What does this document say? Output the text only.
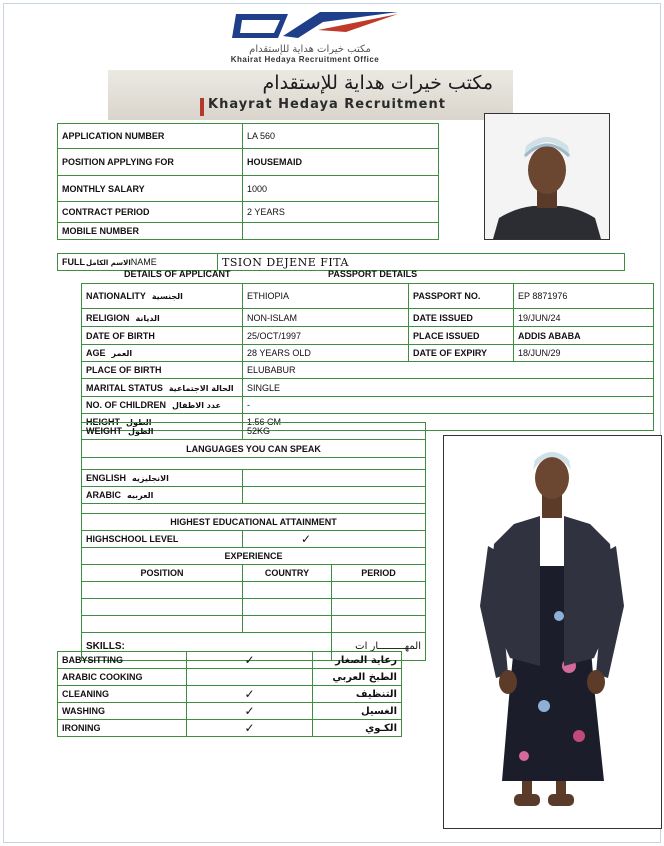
مكتب خيرات هداية للإستقدام
Khairat Hedaya Recruitment Office
مكتب خيرات هداية للإستقدام
Khayrat Hedaya Recruitment
APPLICATION NUMBER	LA 560
POSITION APPLYING FOR	HOUSEMAID
MONTHLY SALARY	1000
CONTRACT PERIOD	2 YEARS
MOBILE NUMBER	
FULLالاسم الكاملNAME	TSION DEJENE FITA
DETAILS OF APPLICANT	PASSPORT DETAILS
NATIONALITY الجنسية	ETHIOPIA	PASSPORT NO.	EP 8871976
RELIGION الديانة	NON-ISLAM	DATE ISSUED	19/JUN/24
DATE OF BIRTH	25/OCT/1997	PLACE ISSUED	ADDIS ABABA
AGE العمر	28 YEARS OLD	DATE OF EXPIRY	18/JUN/29
PLACE OF BIRTH	ELUBABUR		
MARITAL STATUS الحالة الاجتماعية	SINGLE		
NO. OF CHILDREN عدد الاطفال	-		
HEIGHT الطول	1.56 CM		
WEIGHT الطول	52KG	
LANGUAGES YOU CAN SPEAK		

ENGLISH الانجليزيه		
ARABIC العربيه		

HIGHEST EDUCATIONAL ATTAINMENT		
HIGHSCHOOL LEVEL	✓	
EXPERIENCE		
POSITION	COUNTRY	PERIOD

SKILLS:		المهـــــــــار ات
BABYSITTING	✓	رعاية الصغار
ARABIC COOKING		الطبخ العربي
CLEANING	✓	التنظيف
WASHING	✓	الغسيل
IRONING	✓	الكـوي
